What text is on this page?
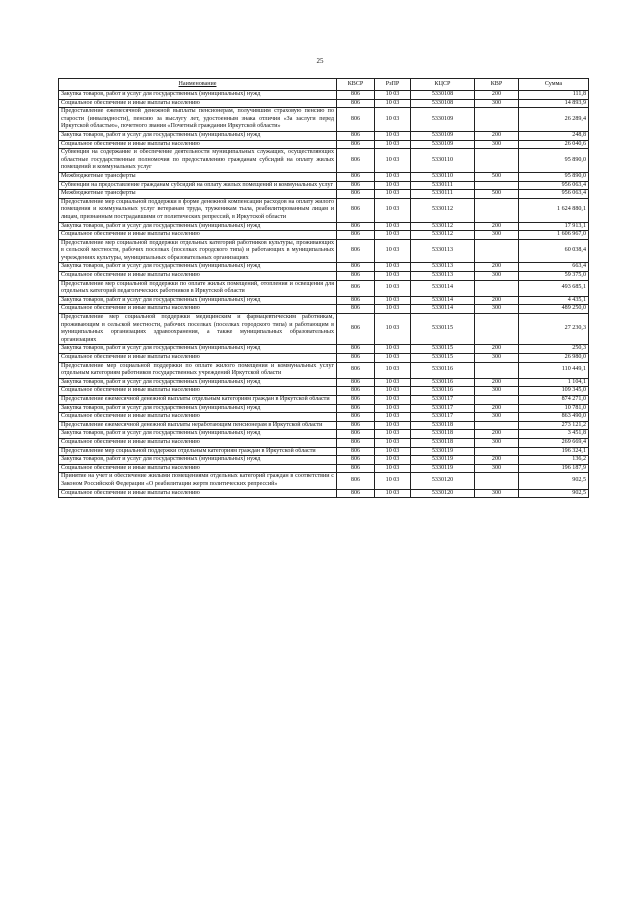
25
Наименование	КВСР	РзПР	КЦСР	КВР	Сумма
Закупка товаров, работ и услуг для государственных (муниципальных) нужд	806	10 03	5330108	200	111,8
Социальное обеспечение и иные выплаты населению	806	10 03	5330108	300	14 893,9
Предоставление ежемесячной денежной выплаты пенсионерам, получившим страховую пенсию по старости (инвалидности), пенсию за выслугу лет, удостоенным знака отличия «За заслуги перед Иркутской областью», почетного звания «Почетный гражданин Иркутской области»	806	10 03	5330109		26 289,4
Закупка товаров, работ и услуг для государственных (муниципальных) нужд	806	10 03	5330109	200	248,8
Социальное обеспечение и иные выплаты населению	806	10 03	5330109	300	26 040,6
Субвенция на содержание и обеспечение деятельности муниципальных служащих, осуществляющих областные государственные полномочия по предоставлению гражданам субсидий на оплату жилых помещений и коммунальных услуг	806	10 03	5330110		95 890,0
Межбюджетные трансферты	806	10 03	5330110	500	95 890,0
Субвенции на предоставление гражданам субсидий на оплату жилых помещений и коммунальных услуг	806	10 03	5330111		956 063,4
Межбюджетные трансферты	806	10 03	5330111	500	956 063,4
Предоставление мер социальной поддержки в форме денежной компенсации расходов на оплату жилого помещения и коммунальных услуг ветеранам труда, труженикам тыла, реабилитированным лицам и лицам, признанным пострадавшими от политических репрессий, в Иркутской области	806	10 03	5330112		1 624 880,1
Закупка товаров, работ и услуг для государственных (муниципальных) нужд	806	10 03	5330112	200	17 913,1
Социальное обеспечение и иные выплаты населению	806	10 03	5330112	300	1 606 967,0
Предоставление мер социальной поддержки отдельных категорий работников культуры, проживающих в сельской местности, рабочих поселках (поселках городского типа) и работающих в муниципальных учреждениях культуры, муниципальных образовательных организациях	806	10 03	5330113		60 038,4
Закупка товаров, работ и услуг для государственных (муниципальных) нужд	806	10 03	5330113	200	663,4
Социальное обеспечение и иные выплаты населению	806	10 03	5330113	300	59 375,0
Предоставление мер социальной поддержки по оплате жилых помещений, отопления и освещения для отдельных категорий педагогических работников в Иркутской области	806	10 03	5330114		493 685,1
Закупка товаров, работ и услуг для государственных (муниципальных) нужд	806	10 03	5330114	200	4 435,1
Социальное обеспечение и иные выплаты населению	806	10 03	5330114	300	489 250,0
Предоставление мер социальной поддержки медицинским и фармацевтическим работникам, проживающим в сельской местности, рабочих поселках (поселках городского типа) и работающим в муниципальных организациях здравоохранения, а также муниципальных образовательных организациях	806	10 03	5330115		27 230,3
Закупка товаров, работ и услуг для государственных (муниципальных) нужд	806	10 03	5330115	200	250,3
Социальное обеспечение и иные выплаты населению	806	10 03	5330115	300	26 980,0
Предоставление мер социальной поддержки по оплате жилого помещения и коммунальных услуг отдельным категориям работников государственных учреждений Иркутской области	806	10 03	5330116		110 449,1
Закупка товаров, работ и услуг для государственных (муниципальных) нужд	806	10 03	5330116	200	1 104,1
Социальное обеспечение и иные выплаты населению	806	10 03	5330116	300	109 345,0
Предоставление ежемесячной денежной выплаты отдельным категориям граждан в Иркутской области	806	10 03	5330117		874 271,0
Закупка товаров, работ и услуг для государственных (муниципальных) нужд	806	10 03	5330117	200	10 781,0
Социальное обеспечение и иные выплаты населению	806	10 03	5330117	300	863 490,0
Предоставление ежемесячной денежной выплаты неработающим пенсионерам в Иркутской области	806	10 03	5330118		273 121,2
Закупка товаров, работ и услуг для государственных (муниципальных) нужд	806	10 03	5330118	200	3 451,8
Социальное обеспечение и иные выплаты населению	806	10 03	5330118	300	269 669,4
Предоставление мер социальной поддержки отдельным категориям граждан в Иркутской области	806	10 03	5330119		196 324,1
Закупка товаров, работ и услуг для государственных (муниципальных) нужд	806	10 03	5330119	200	136,2
Социальное обеспечение и иные выплаты населению	806	10 03	5330119	300	196 187,9
Принятие на учет и обеспечение жилыми помещениями отдельных категорий граждан в соответствии с Законом Российской Федерации «О реабилитации жертв политических репрессий»	806	10 03	5330120		902,5
Социальное обеспечение и иные выплаты населению	806	10 03	5330120	300	902,5
